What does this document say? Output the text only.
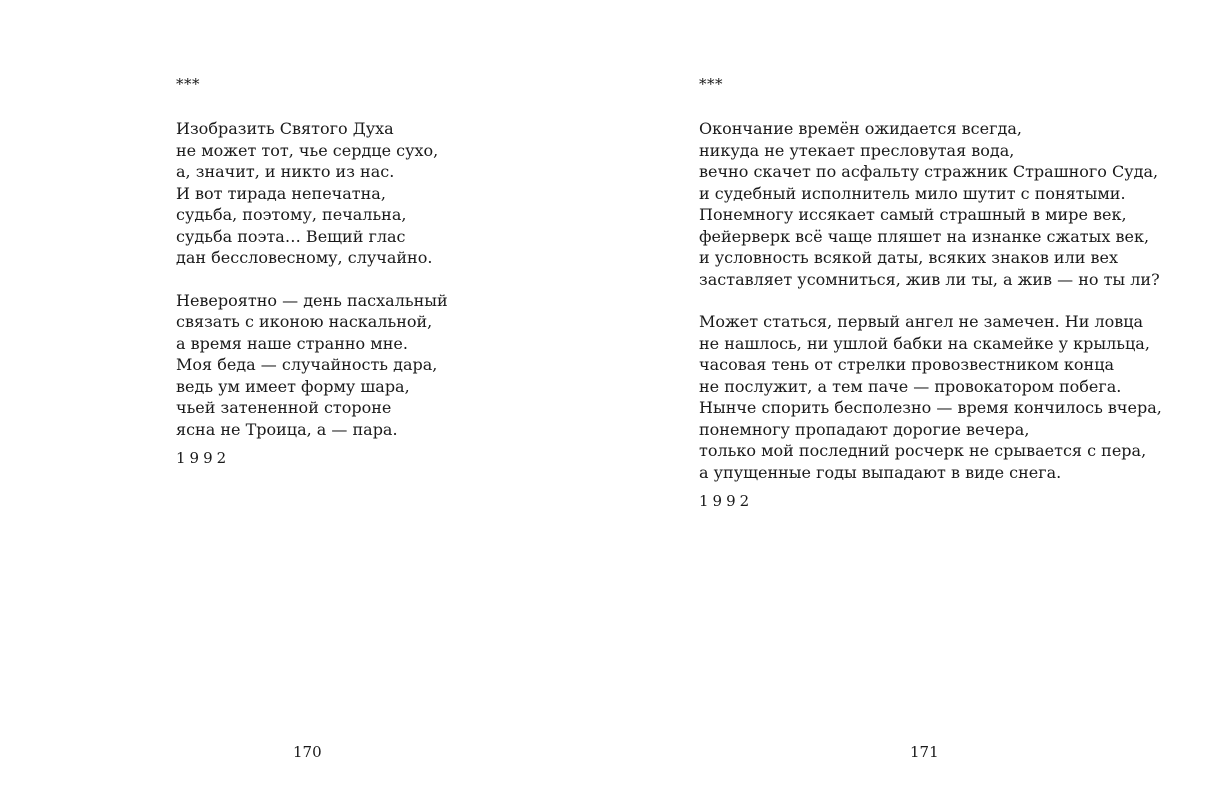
***
Изобразить Святого Духа
не может тот, чье сердце сухо,
а, значит, и никто из нас.
И вот тирада непечатна,
судьба, поэтому, печальна,
судьба поэта… Вещий глас
дан бессловесному, случайно.
Невероятно — день пасхальный
связать с иконою наскальной,
а время наше странно мне.
Моя беда — случайность дара,
ведь ум имеет форму шара,
чьей затененной стороне
ясна не Троица, а — пара.
1992
170
***
Окончание времён ожидается всегда,
никуда не утекает пресловутая вода,
вечно скачет по асфальту стражник Страшного Суда,
и судебный исполнитель мило шутит с понятыми.
Понемногу иссякает самый страшный в мире век,
фейерверк всё чаще пляшет на изнанке сжатых век,
и условность всякой даты, всяких знаков или вех
заставляет усомниться, жив ли ты, а жив — но ты ли?
Может статься, первый ангел не замечен. Ни ловца
не нашлось, ни ушлой бабки на скамейке у крыльца,
часовая тень от стрелки провозвестником конца
не послужит, а тем паче — провокатором побега.
Нынче спорить бесполезно — время кончилось вчера,
понемногу пропадают дорогие вечера,
только мой последний росчерк не срывается с пера,
а упущенные годы выпадают в виде снега.
1992
171
